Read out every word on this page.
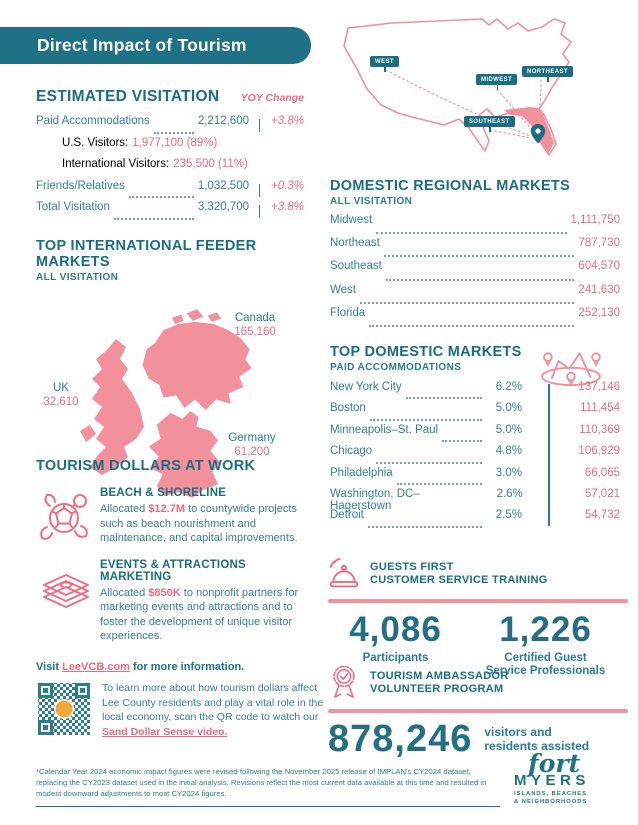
Direct Impact of Tourism
ESTIMATED VISITATION YOY Change
Paid Accommodations	2,212,600	+3.8%
U.S. Visitors: 1,977,100 (89%)
International Visitors: 235,500 (11%)
Friends/Relatives	1,032,500	+0.3%
Total Visitation	3,320,700	+3.8%
WEST
MIDWEST
NORTHEAST
SOUTHEAST
DOMESTIC REGIONAL MARKETS
ALL VISITATION
Midwest	1,111,750
Northeast	787,730
Southeast	604,570
West	241,630
Florida	252,130
TOP INTERNATIONAL FEEDER MARKETS
ALL VISITATION
Canada
165,160
UK
32,610
Germany
61,200
TOP DOMESTIC MARKETS
PAID ACCOMMODATIONS
New York City	6.2%	137,146
Boston	5.0%	111,454
Minneapolis–St. Paul	5.0%	110,369
Chicago	4.8%	106,929
Philadelphia	3.0%	66,065
Washington, DC–Hagerstown
2.6%	57,021
Detroit	2.5%	54,732
TOURISM DOLLARS AT WORK
BEACH & SHORELINE

Allocated $12.7M to countywide projects such as beach nourishment and maintenance, and capital improvements.

EVENTS & ATTRACTIONS MARKETING

Allocated $850K to nonprofit partners for marketing events and attractions and to foster the development of unique visitor experiences.

GUESTS FIRST
CUSTOMER SERVICE TRAINING
4,086
Participants
1,226
Certified Guest
Service Professionals
TOURISM AMBASSADOR
VOLUNTEER PROGRAM
878,246 visitors and
residents assisted
Visit LeeVCB.com for more information.
To learn more about how tourism dollars affect Lee County residents and play a vital role in the local economy, scan the QR code to watch our Sand Dollar Sense video.
*Calendar Year 2024 economic impact figures were revised following the November 2025 release of IMPLAN's CY2024 dataset, replacing the CY2023 dataset used in the initial analysis. Revisions reflect the most current data available at this time and resulted in modest downward adjustments to most CY2024 figures.
fort
MYERS
ISLANDS, BEACHES
& NEIGHBORHOODS
